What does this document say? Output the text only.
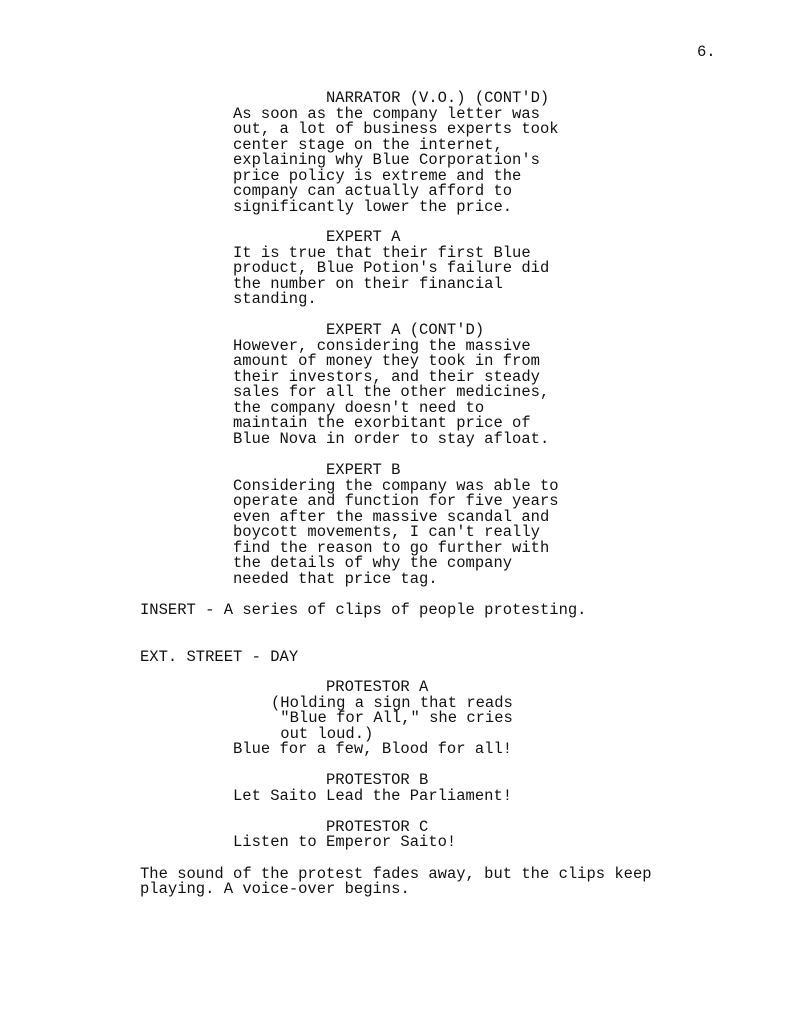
6.
NARRATOR (V.O.) (CONT'D)
As soon as the company letter was
out, a lot of business experts took
center stage on the internet,
explaining why Blue Corporation's
price policy is extreme and the
company can actually afford to
significantly lower the price.
EXPERT A
It is true that their first Blue
product, Blue Potion's failure did
the number on their financial
standing.
EXPERT A (CONT'D)
However, considering the massive
amount of money they took in from
their investors, and their steady
sales for all the other medicines,
the company doesn't need to
maintain the exorbitant price of
Blue Nova in order to stay afloat.
EXPERT B
Considering the company was able to
operate and function for five years
even after the massive scandal and
boycott movements, I can't really
find the reason to go further with
the details of why the company
needed that price tag.
INSERT - A series of clips of people protesting.
EXT. STREET - DAY
PROTESTOR A
(Holding a sign that reads
"Blue for All," she cries
out loud.)
Blue for a few, Blood for all!
PROTESTOR B
Let Saito Lead the Parliament!
PROTESTOR C
Listen to Emperor Saito!
The sound of the protest fades away, but the clips keep
playing. A voice-over begins.
